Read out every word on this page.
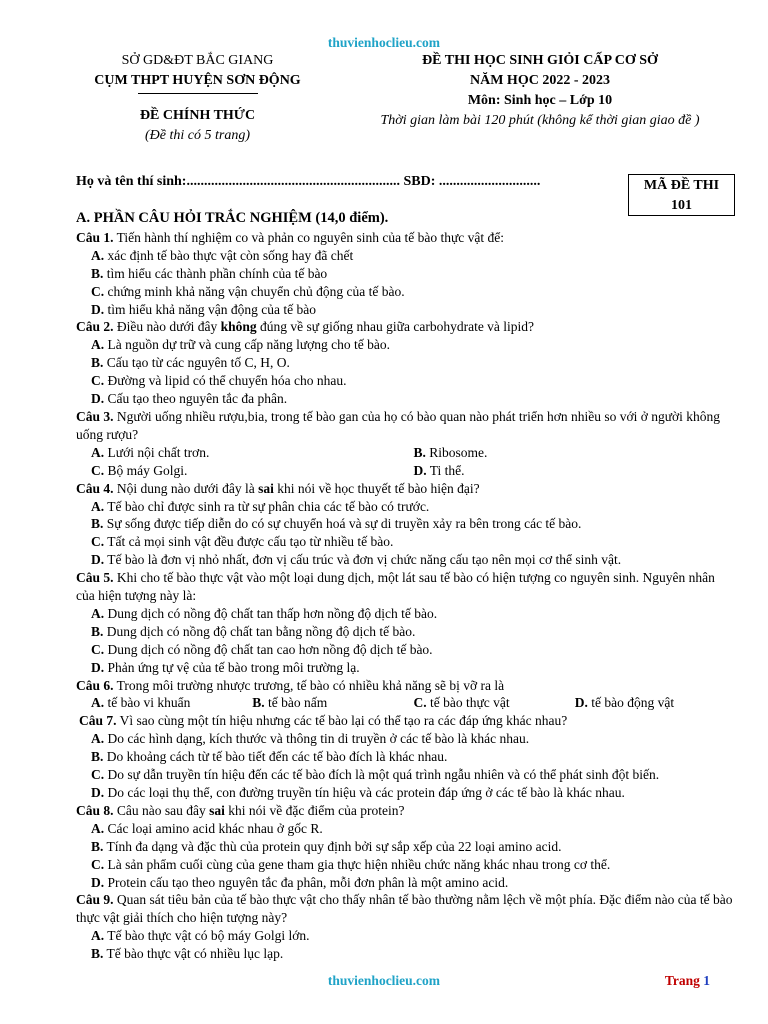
thuvienhoclieu.com
SỞ GD&ĐT BẮC GIANG
CỤM THPT HUYỆN SƠN ĐỘNG
ĐỀ CHÍNH THỨC
(Đề thi có 5 trang)
ĐỀ THI HỌC SINH GIỎI CẤP CƠ SỞ
NĂM HỌC 2022 - 2023
Môn: Sinh học – Lớp 10
Thời gian làm bài 120 phút (không kể thời gian giao đề )
Họ và tên thí sinh:............................................................. SBD: .............................	MÃ ĐỀ THI
101
A. PHẦN CÂU HỎI TRẮC NGHIỆM (14,0 điểm).
Câu 1. Tiến hành thí nghiệm co và phản co nguyên sinh của tế bào thực vật để:
A. xác định tế bào thực vật còn sống hay đã chết
B. tìm hiểu các thành phần chính của tế bào
C. chứng minh khả năng vận chuyển chủ động của tế bào.
D. tìm hiểu khả năng vận động của tế bào
Câu 2. Điều nào dưới đây không đúng về sự giống nhau giữa carbohydrate và lipid?
A. Là nguồn dự trữ và cung cấp năng lượng cho tế bào.
B. Cấu tạo từ các nguyên tố C, H, O.
C. Đường và lipid có thể chuyển hóa cho nhau.
D. Cấu tạo theo nguyên tắc đa phân.
Câu 3. Người uống nhiều rượu,bia, trong tế bào gan của họ có bào quan nào phát triển hơn nhiều so với ở người không uống rượu?
A. Lưới nội chất trơn.	B. Ribosome.
C. Bộ máy Golgi.	D. Ti thể.
Câu 4. Nội dung nào dưới đây là sai khi nói về học thuyết tế bào hiện đại?
A. Tế bào chỉ được sinh ra từ sự phân chia các tế bào có trước.
B. Sự sống được tiếp diễn do có sự chuyển hoá và sự di truyền xảy ra bên trong các tế bào.
C. Tất cả mọi sinh vật đều được cấu tạo từ nhiều tế bào.
D. Tế bào là đơn vị nhỏ nhất, đơn vị cấu trúc và đơn vị chức năng cấu tạo nên mọi cơ thể sinh vật.
Câu 5. Khi cho tế bào thực vật vào một loại dung dịch, một lát sau tế bào có hiện tượng co nguyên sinh. Nguyên nhân của hiện tượng này là:
A. Dung dịch có nồng độ chất tan thấp hơn nồng độ dịch tế bào.
B. Dung dịch có nồng độ chất tan bằng nồng độ dịch tế bào.
C. Dung dịch có nồng độ chất tan cao hơn nồng độ dịch tế bào.
D. Phản ứng tự vệ của tế bào trong môi trường lạ.
Câu 6. Trong môi trường nhược trương, tế bào có nhiều khả năng sẽ bị vỡ ra là
A. tế bào vi khuẩn	B. tế bào nấm	C. tế bào thực vật	D. tế bào động vật
Câu 7. Vì sao cùng một tín hiệu nhưng các tế bào lại có thể tạo ra các đáp ứng khác nhau?
A. Do các hình dạng, kích thước và thông tin di truyền ở các tế bào là khác nhau.
B. Do khoảng cách từ tế bào tiết đến các tế bào đích là khác nhau.
C. Do sự dẫn truyền tín hiệu đến các tế bào đích là một quá trình ngẫu nhiên và có thể phát sinh đột biến.
D. Do các loại thụ thể, con đường truyền tín hiệu và các protein đáp ứng ở các tế bào là khác nhau.
Câu 8. Câu nào sau đây sai khi nói về đặc điểm của protein?
A. Các loại amino acid khác nhau ở gốc R.
B. Tính đa dạng và đặc thù của protein quy định bởi sự sắp xếp của 22 loại amino acid.
C. Là sản phẩm cuối cùng của gene tham gia thực hiện nhiều chức năng khác nhau trong cơ thể.
D. Protein cấu tạo theo nguyên tắc đa phân, mỗi đơn phân là một amino acid.
Câu 9. Quan sát tiêu bản của tế bào thực vật cho thấy nhân tế bào thường nằm lệch về một phía. Đặc điểm nào của tế bào thực vật giải thích cho hiện tượng này?
A. Tế bào thực vật có bộ máy Golgi lớn.
B. Tế bào thực vật có nhiều lục lạp.
thuvienhoclieu.com	Trang 1
